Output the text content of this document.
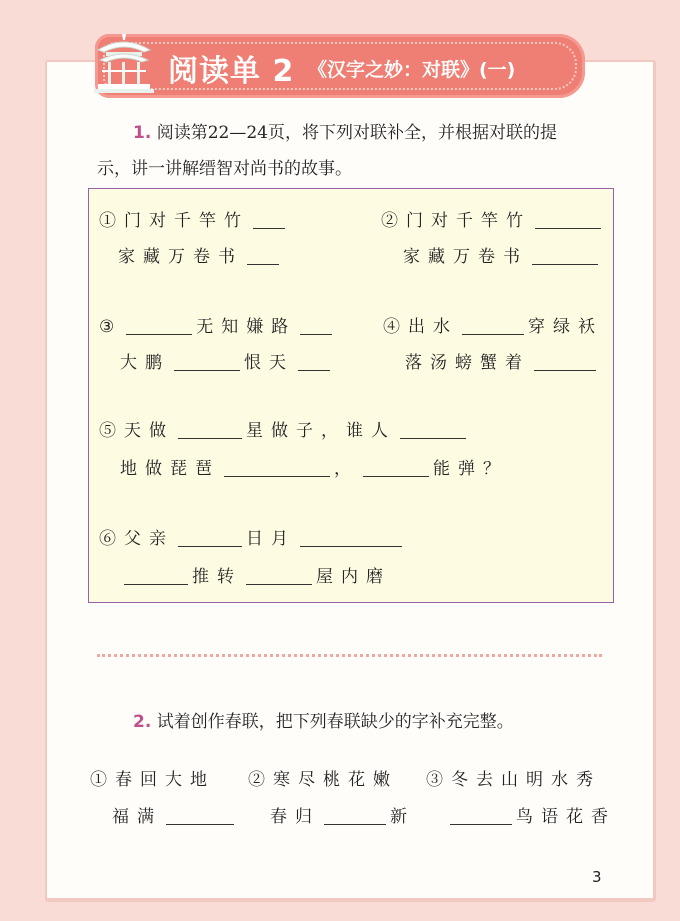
阅读单 2 《汉字之妙：对联》(一)
1. 阅读第22—24页，将下列对联补全，并根据对联的提
示，讲一讲解缙智对尚书的故事。
①门对千竿竹
家藏万卷书
②门对千竿竹
家藏万卷书
③	无知嫌路
大鹏	恨天
④出水	穿绿袄
落汤螃蟹着
⑤天做	星做子，谁人
地做琵琶	，	能弹？
⑥父亲	日月
推转	屋内磨
2. 试着创作春联，把下列春联缺少的字补充完整。
①春回大地
福满
②寒尽桃花嫩
春归	新
③冬去山明水秀
鸟语花香
3
